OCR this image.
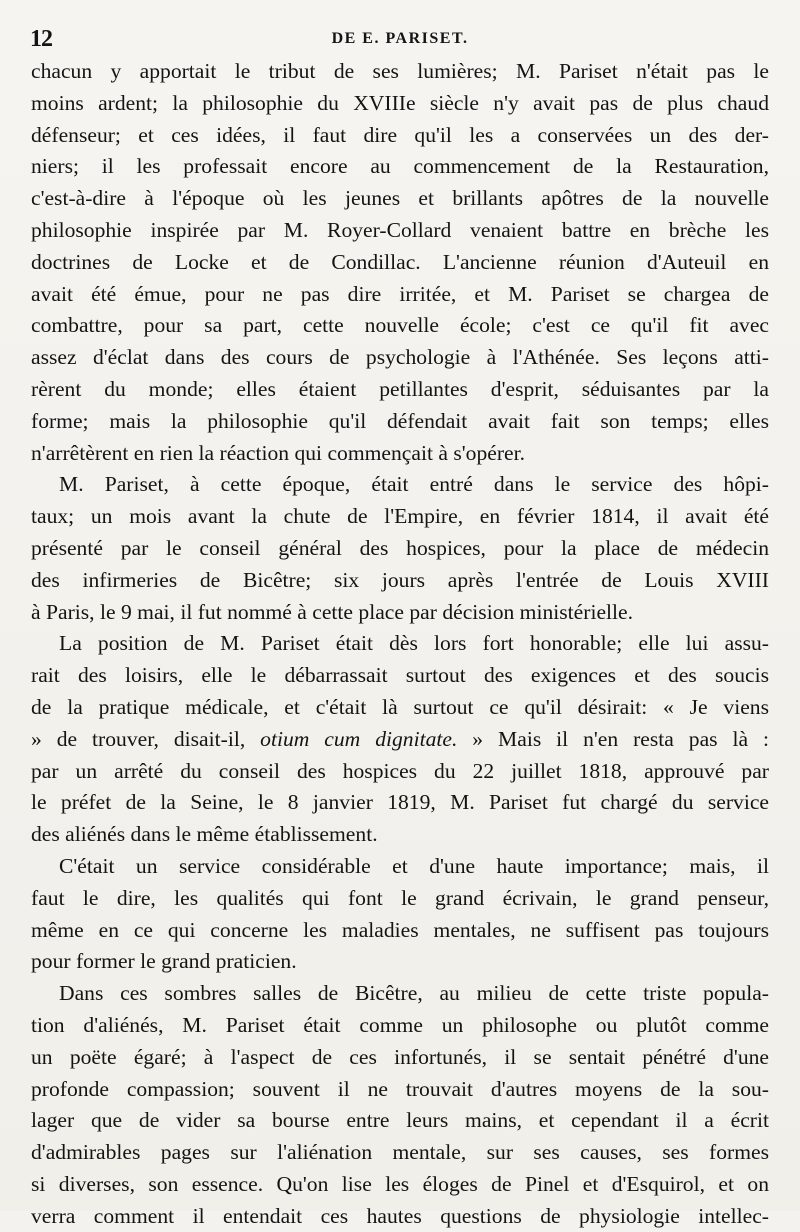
12	DE E. PARISET.
chacun y apportait le tribut de ses lumières; M. Pariset n'était pas le
moins ardent; la philosophie du XVIIIe siècle n'y avait pas de plus chaud
défenseur; et ces idées, il faut dire qu'il les a conservées un des der-
niers; il les professait encore au commencement de la Restauration,
c'est-à-dire à l'époque où les jeunes et brillants apôtres de la nouvelle
philosophie inspirée par M. Royer-Collard venaient battre en brèche les
doctrines de Locke et de Condillac. L'ancienne réunion d'Auteuil en
avait été émue, pour ne pas dire irritée, et M. Pariset se chargea de
combattre, pour sa part, cette nouvelle école; c'est ce qu'il fit avec
assez d'éclat dans des cours de psychologie à l'Athénée. Ses leçons atti-
rèrent du monde; elles étaient petillantes d'esprit, séduisantes par la
forme; mais la philosophie qu'il défendait avait fait son temps; elles
n'arrêtèrent en rien la réaction qui commençait à s'opérer.
M. Pariset, à cette époque, était entré dans le service des hôpi-
taux; un mois avant la chute de l'Empire, en février 1814, il avait été
présenté par le conseil général des hospices, pour la place de médecin
des infirmeries de Bicêtre; six jours après l'entrée de Louis XVIII
à Paris, le 9 mai, il fut nommé à cette place par décision ministérielle.
La position de M. Pariset était dès lors fort honorable; elle lui assu-
rait des loisirs, elle le débarrassait surtout des exigences et des soucis
de la pratique médicale, et c'était là surtout ce qu'il désirait: « Je viens
» de trouver, disait-il, otium cum dignitate. » Mais il n'en resta pas là :
par un arrêté du conseil des hospices du 22 juillet 1818, approuvé par
le préfet de la Seine, le 8 janvier 1819, M. Pariset fut chargé du service
des aliénés dans le même établissement.
C'était un service considérable et d'une haute importance; mais, il
faut le dire, les qualités qui font le grand écrivain, le grand penseur,
même en ce qui concerne les maladies mentales, ne suffisent pas toujours
pour former le grand praticien.
Dans ces sombres salles de Bicêtre, au milieu de cette triste popula-
tion d'aliénés, M. Pariset était comme un philosophe ou plutôt comme
un poëte égaré; à l'aspect de ces infortunés, il se sentait pénétré d'une
profonde compassion; souvent il ne trouvait d'autres moyens de la sou-
lager que de vider sa bourse entre leurs mains, et cependant il a écrit
d'admirables pages sur l'aliénation mentale, sur ses causes, ses formes
si diverses, son essence. Qu'on lise les éloges de Pinel et d'Esquirol, et on
verra comment il entendait ces hautes questions de physiologie intellec-
